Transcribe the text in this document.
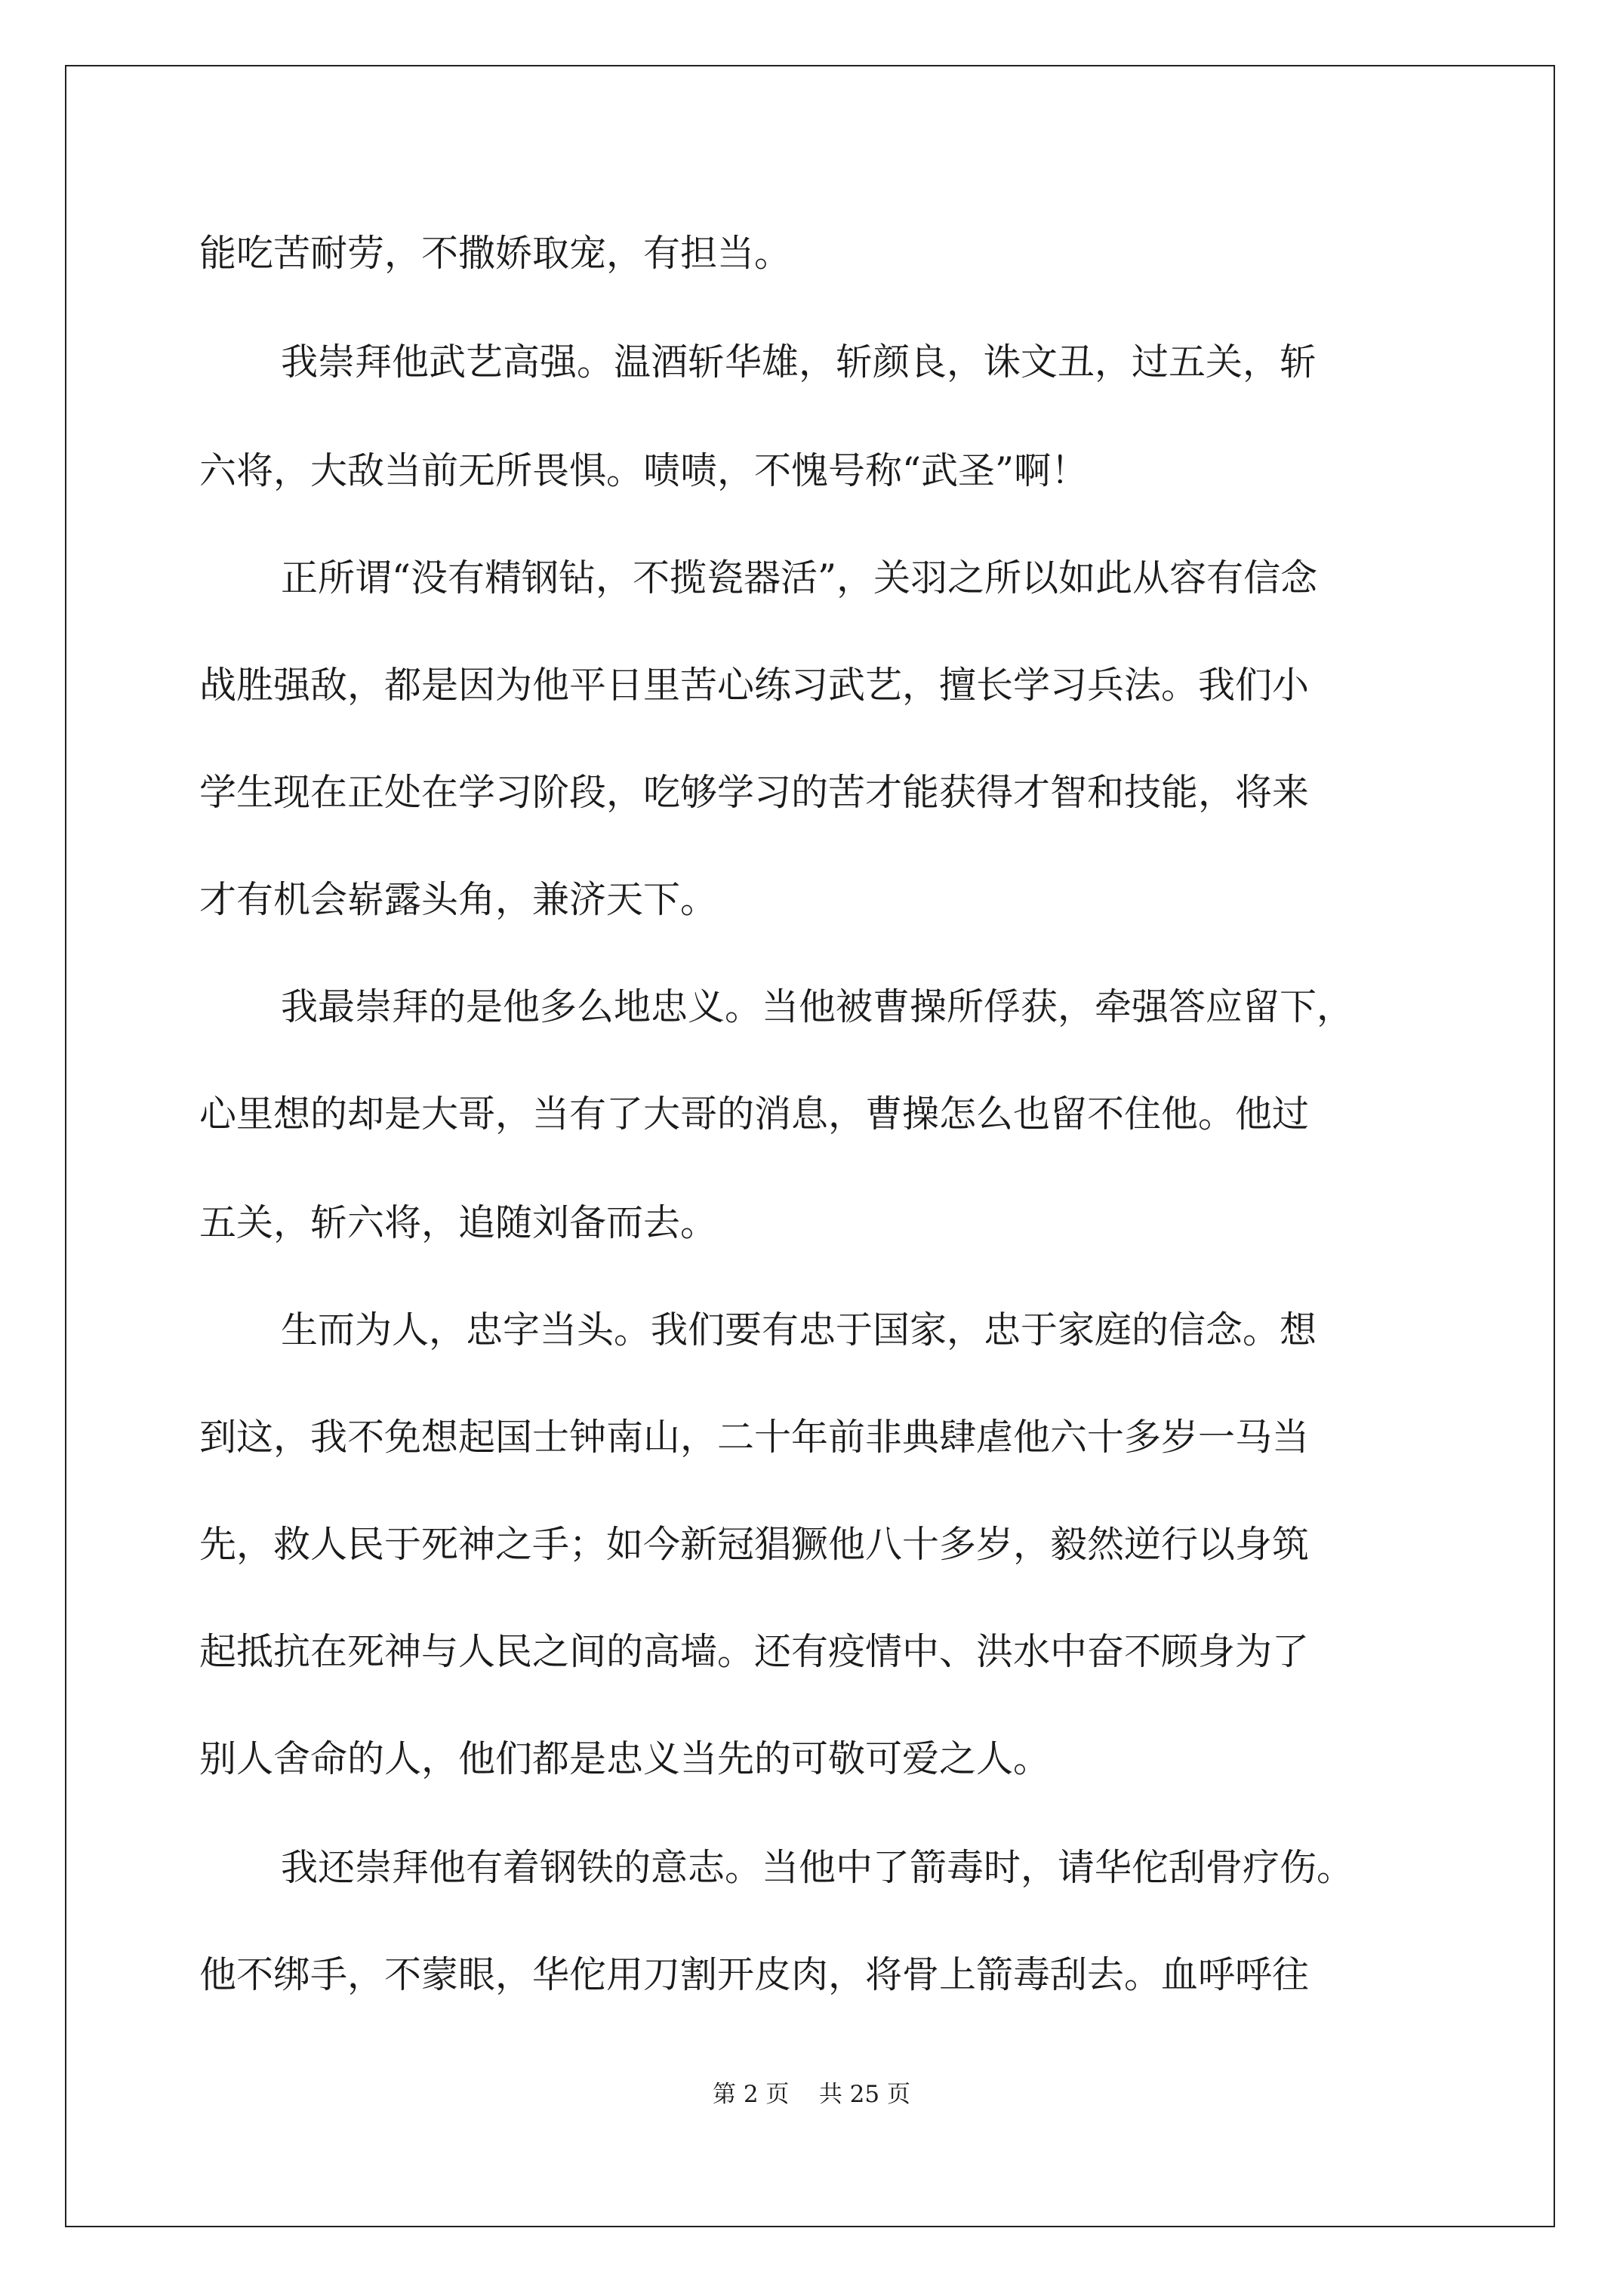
能吃苦耐劳，不撒娇取宠，有担当。
我崇拜他武艺高强。温酒斩华雄，斩颜良，诛文丑，过五关，斩
六将，大敌当前无所畏惧。啧啧，不愧号称“武圣”啊！
正所谓“没有精钢钻，不揽瓷器活”，关羽之所以如此从容有信念
战胜强敌，都是因为他平日里苦心练习武艺，擅长学习兵法。我们小
学生现在正处在学习阶段，吃够学习的苦才能获得才智和技能，将来
才有机会崭露头角，兼济天下。
我最崇拜的是他多么地忠义。当他被曹操所俘获，牵强答应留下，
心里想的却是大哥，当有了大哥的消息，曹操怎么也留不住他。他过
五关，斩六将，追随刘备而去。
生而为人，忠字当头。我们要有忠于国家，忠于家庭的信念。想
到这，我不免想起国士钟南山，二十年前非典肆虐他六十多岁一马当
先，救人民于死神之手；如今新冠猖獗他八十多岁，毅然逆行以身筑
起抵抗在死神与人民之间的高墙。还有疫情中、洪水中奋不顾身为了
别人舍命的人，他们都是忠义当先的可敬可爱之人。
我还崇拜他有着钢铁的意志。当他中了箭毒时，请华佗刮骨疗伤。
他不绑手，不蒙眼，华佗用刀割开皮肉，将骨上箭毒刮去。血呼呼往
第 2 页    共 25 页
